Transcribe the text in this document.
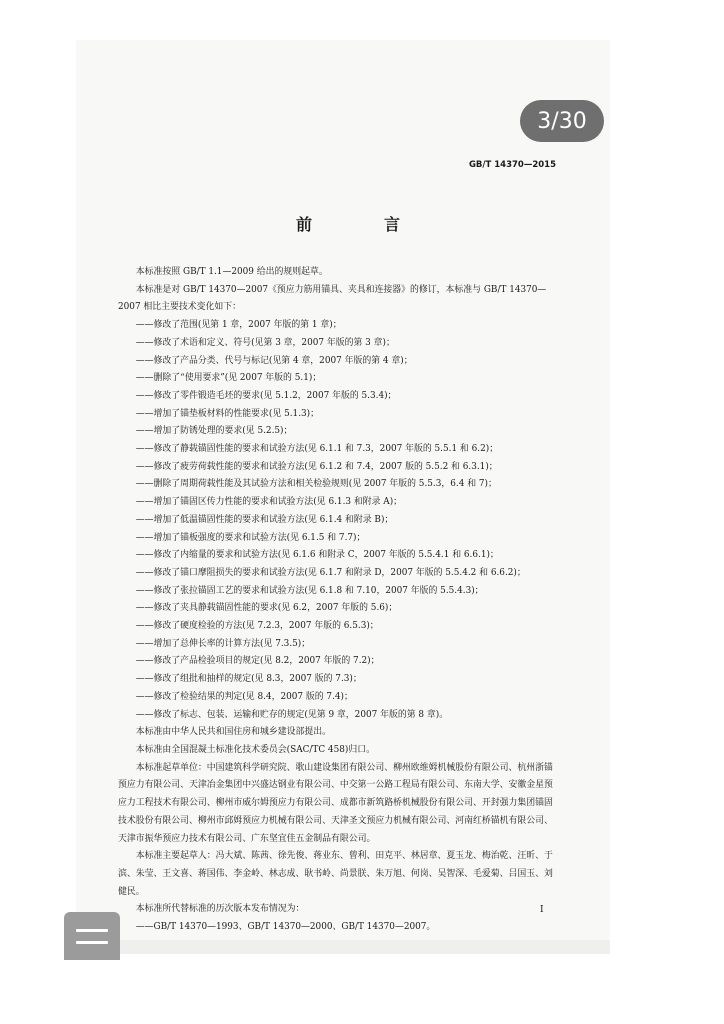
3/30
GB/T 14370—2015
前　言

本标准按照 GB/T 1.1—2009 给出的规则起草。

本标准是对 GB/T 14370—2007《预应力筋用锚具、夹具和连接器》的修订，本标准与 GB/T 14370—2007 相比主要技术变化如下：

——修改了范围(见第 1 章，2007 年版的第 1 章)；

——修改了术语和定义、符号(见第 3 章，2007 年版的第 3 章)；

——修改了产品分类、代号与标记(见第 4 章，2007 年版的第 4 章)；

——删除了“使用要求”(见 2007 年版的 5.1)；

——修改了零件锻造毛坯的要求(见 5.1.2，2007 年版的 5.3.4)；

——增加了锚垫板材料的性能要求(见 5.1.3)；

——增加了防锈处理的要求(见 5.2.5)；

——修改了静载锚固性能的要求和试验方法(见 6.1.1 和 7.3，2007 年版的 5.5.1 和 6.2)；

——修改了疲劳荷载性能的要求和试验方法(见 6.1.2 和 7.4，2007 版的 5.5.2 和 6.3.1)；

——删除了周期荷载性能及其试验方法和相关检验规则(见 2007 年版的 5.5.3，6.4 和 7)；

——增加了锚固区传力性能的要求和试验方法(见 6.1.3 和附录 A)；

——增加了低温锚固性能的要求和试验方法(见 6.1.4 和附录 B)；

——增加了锚板强度的要求和试验方法(见 6.1.5 和 7.7)；

——修改了内缩量的要求和试验方法(见 6.1.6 和附录 C，2007 年版的 5.5.4.1 和 6.6.1)；

——修改了锚口摩阻损失的要求和试验方法(见 6.1.7 和附录 D，2007 年版的 5.5.4.2 和 6.6.2)；

——修改了张拉锚固工艺的要求和试验方法(见 6.1.8 和 7.10，2007 年版的 5.5.4.3)；

——修改了夹具静载锚固性能的要求(见 6.2，2007 年版的 5.6)；

——修改了硬度检验的方法(见 7.2.3，2007 年版的 6.5.3)；

——增加了总伸长率的计算方法(见 7.3.5)；

——修改了产品检验项目的规定(见 8.2，2007 年版的 7.2)；

——修改了组批和抽样的规定(见 8.3，2007 版的 7.3)；

——修改了检验结果的判定(见 8.4，2007 版的 7.4)；

——修改了标志、包装、运输和贮存的规定(见第 9 章，2007 年版的第 8 章)。

本标准由中华人民共和国住房和城乡建设部提出。

本标准由全国混凝土标准化技术委员会(SAC/TC 458)归口。

本标准起草单位：中国建筑科学研究院、歌山建设集团有限公司、柳州欧维姆机械股份有限公司、杭州浙锚预应力有限公司、天津冶金集团中兴盛达钢业有限公司、中交第一公路工程局有限公司、东南大学、安徽金星预应力工程技术有限公司、柳州市威尔姆预应力有限公司、成都市新筑路桥机械股份有限公司、开封强力集团锚固技术股份有限公司、柳州市邱姆预应力机械有限公司、天津圣文预应力机械有限公司、河南红桥锚机有限公司、天津市振华预应力技术有限公司、广东坚宜佳五金制品有限公司。

本标准主要起草人：冯大斌、陈茜、徐先俊、蒋业东、曾利、田克平、林居章、夏玉龙、梅治乾、汪昕、于滨、朱莹、王文喜、蒋国伟、李金岭、林志成、耿书岭、尚景朕、朱万旭、何岗、吴智深、毛爱菊、吕国玉、刘健民。

本标准所代替标准的历次版本发布情况为：

——GB/T 14370—1993、GB/T 14370—2000、GB/T 14370—2007。

I
